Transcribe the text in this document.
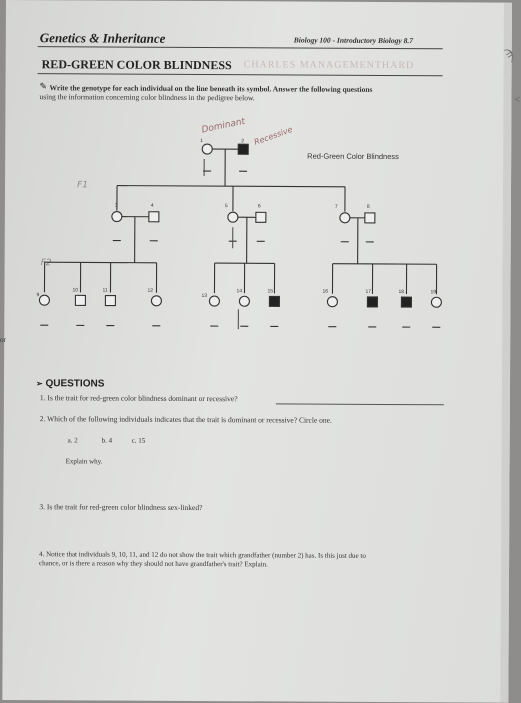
Genetics & Inheritance	Biology 100 - Introductory Biology 8.7
CHARLES MANAGEMENTHARD
RED-GREEN COLOR BLINDNESS
✎ Write the genotype for each individual on the line beneath its symbol. Answer the following questions
using the information concerning color blindness in the pedigree below.
Dominant Recessive
F1
F2
Red-Green Color Blindness
1	2
3	4	5	6	7	8
9
10	11	12
13
14	15	16	17	18	19
➢ QUESTIONS
1. Is the trait for red-green color blindness dominant or recessive?
2. Which of the following individuals indicates that the trait is dominant or recessive? Circle one.
a. 2	b. 4	c. 15
Explain why.
3. Is the trait for red-green color blindness sex-linked?
4. Notice that individuals 9, 10, 11, and 12 do not show the trait which grandfather (number 2) has. Is this just due to
chance, or is there a reason why they should not have grandfather's trait? Explain.
ϡ
<
or
